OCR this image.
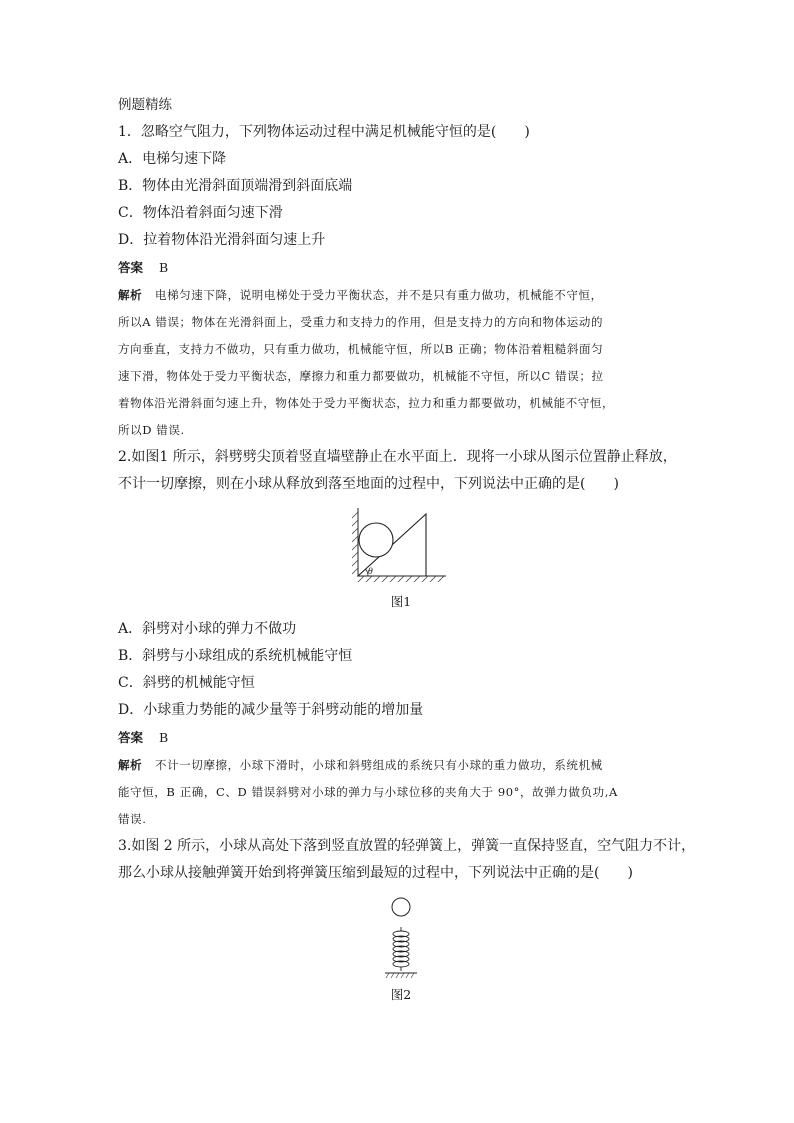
例题精练
1．忽略空气阻力，下列物体运动过程中满足机械能守恒的是(　　)
A．电梯匀速下降
B．物体由光滑斜面顶端滑到斜面底端
C．物体沿着斜面匀速下滑
D．拉着物体沿光滑斜面匀速上升
答案 B
解析 电梯匀速下降，说明电梯处于受力平衡状态，并不是只有重力做功，机械能不守恒，
所以A 错误；物体在光滑斜面上，受重力和支持力的作用，但是支持力的方向和物体运动的
方向垂直，支持力不做功，只有重力做功，机械能守恒，所以B 正确；物体沿着粗糙斜面匀
速下滑，物体处于受力平衡状态，摩擦力和重力都要做功，机械能不守恒，所以C 错误；拉
着物体沿光滑斜面匀速上升，物体处于受力平衡状态，拉力和重力都要做功，机械能不守恒，
所以D 错误.
2.如图1 所示，斜劈劈尖顶着竖直墙壁静止在水平面上．现将一小球从图示位置静止释放，
不计一切摩擦，则在小球从释放到落至地面的过程中，下列说法中正确的是(　　)
θ
图1
A．斜劈对小球的弹力不做功
B．斜劈与小球组成的系统机械能守恒
C．斜劈的机械能守恒
D．小球重力势能的减少量等于斜劈动能的增加量
答案 B
解析 不计一切摩擦，小球下滑时，小球和斜劈组成的系统只有小球的重力做功，系统机械
能守恒，B 正确，C、D 错误斜劈对小球的弹力与小球位移的夹角大于 90°，故弹力做负功,A
错误.
3.如图 2 所示，小球从高处下落到竖直放置的轻弹簧上，弹簧一直保持竖直，空气阻力不计，
那么小球从接触弹簧开始到将弹簧压缩到最短的过程中，下列说法中正确的是(　　)
图2
